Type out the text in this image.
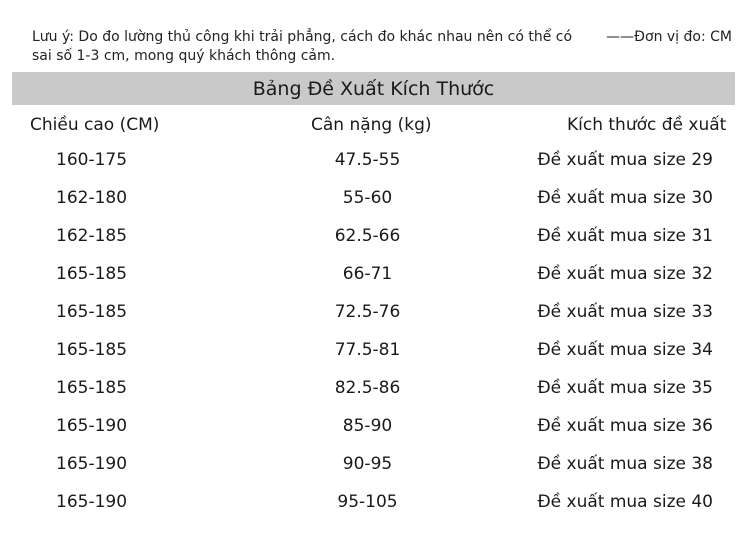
Lưu ý: Do đo lường thủ công khi trải phẳng, cách đo khác nhau nên có thể có sai số 1-3 cm, mong quý khách thông cảm.
——Đơn vị đo: CM
Bảng Đề Xuất Kích Thước
Chiều cao (CM)	Cân nặng (kg)	Kích thước đề xuất
160-175	47.5-55	Đề xuất mua size 29
162-180	55-60	Đề xuất mua size 30
162-185	62.5-66	Đề xuất mua size 31
165-185	66-71	Đề xuất mua size 32
165-185	72.5-76	Đề xuất mua size 33
165-185	77.5-81	Đề xuất mua size 34
165-185	82.5-86	Đề xuất mua size 35
165-190	85-90	Đề xuất mua size 36
165-190	90-95	Đề xuất mua size 38
165-190	95-105	Đề xuất mua size 40
